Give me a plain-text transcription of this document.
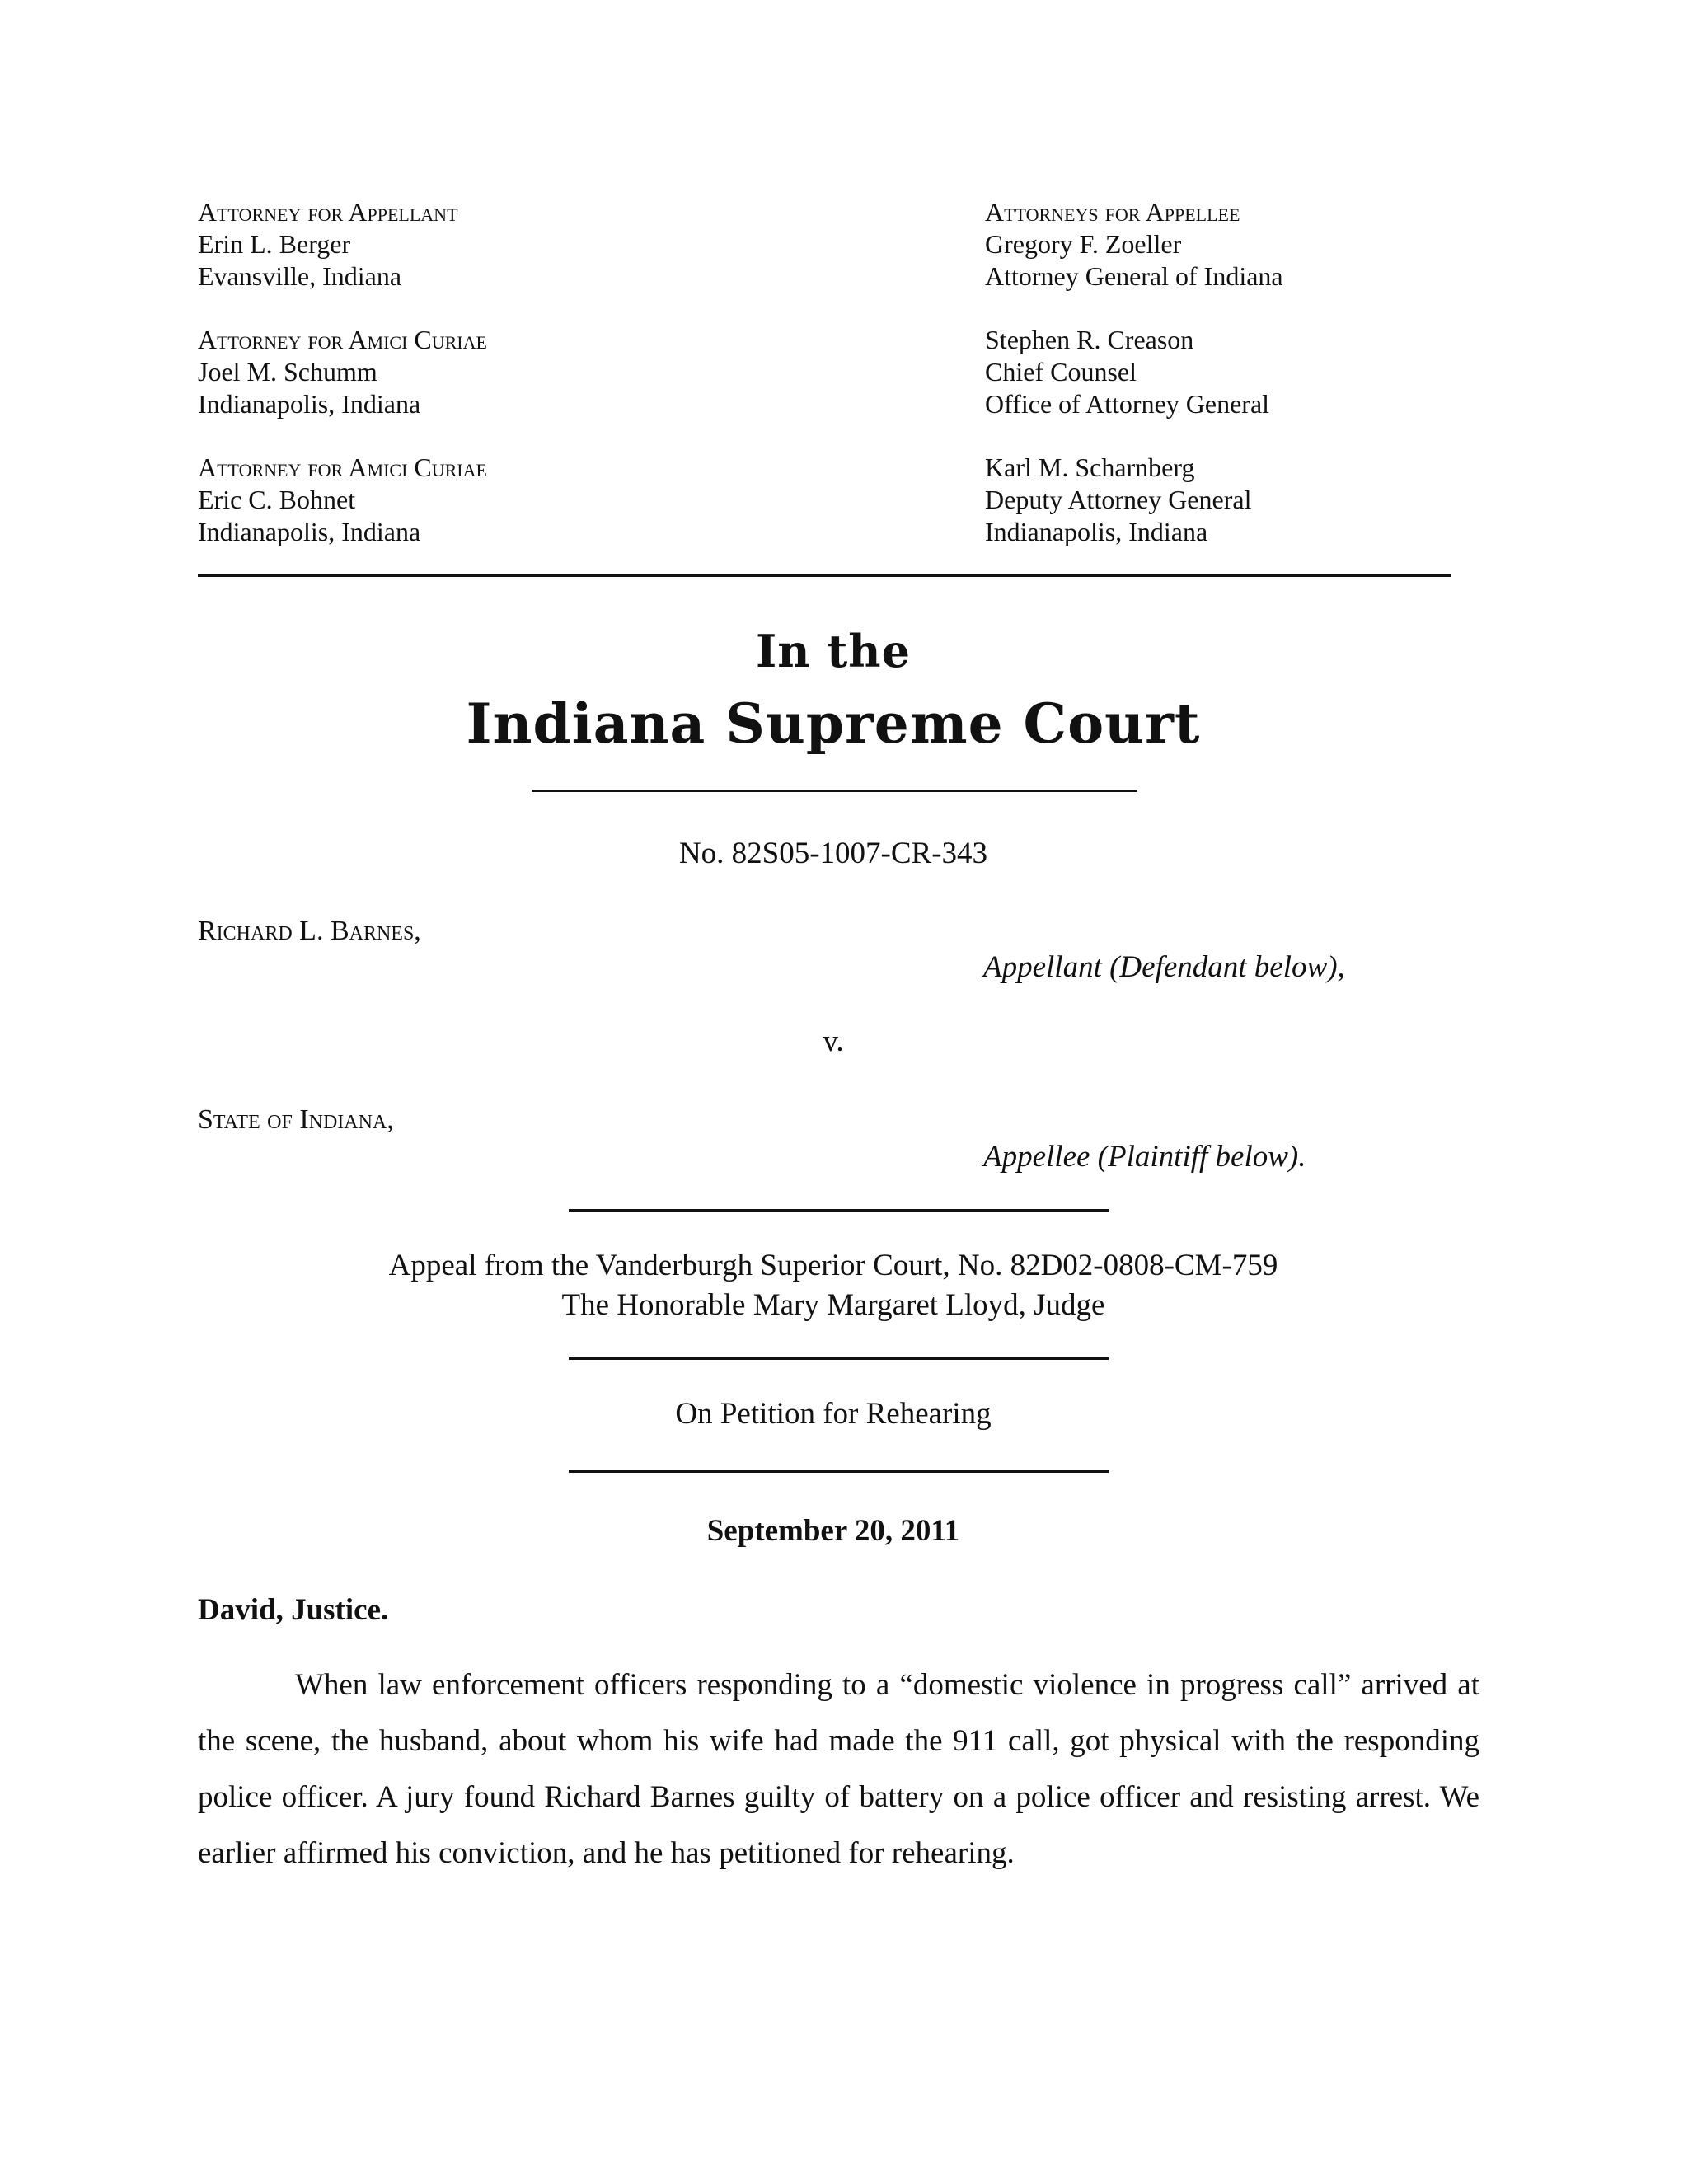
Attorney for Appellant
Erin L. Berger
Evansville, Indiana
Attorney for Amici Curiae
Joel M. Schumm
Indianapolis, Indiana
Attorney for Amici Curiae
Eric C. Bohnet
Indianapolis, Indiana
Attorneys for Appellee
Gregory F. Zoeller
Attorney General of Indiana
Stephen R. Creason
Chief Counsel
Office of Attorney General
Karl M. Scharnberg
Deputy Attorney General
Indianapolis, Indiana
In the
Indiana Supreme Court
No. 82S05-1007-CR-343
Richard L. Barnes,
Appellant (Defendant below),
v.
State of Indiana,
Appellee (Plaintiff below).
Appeal from the Vanderburgh Superior Court, No. 82D02-0808-CM-759
The Honorable Mary Margaret Lloyd, Judge
On Petition for Rehearing
September 20, 2011
David, Justice.
When law enforcement officers responding to a “domestic violence in progress call” arrived at the scene, the husband, about whom his wife had made the 911 call, got physical with the responding police officer. A jury found Richard Barnes guilty of battery on a police officer and resisting arrest. We earlier affirmed his conviction, and he has petitioned for rehearing.
